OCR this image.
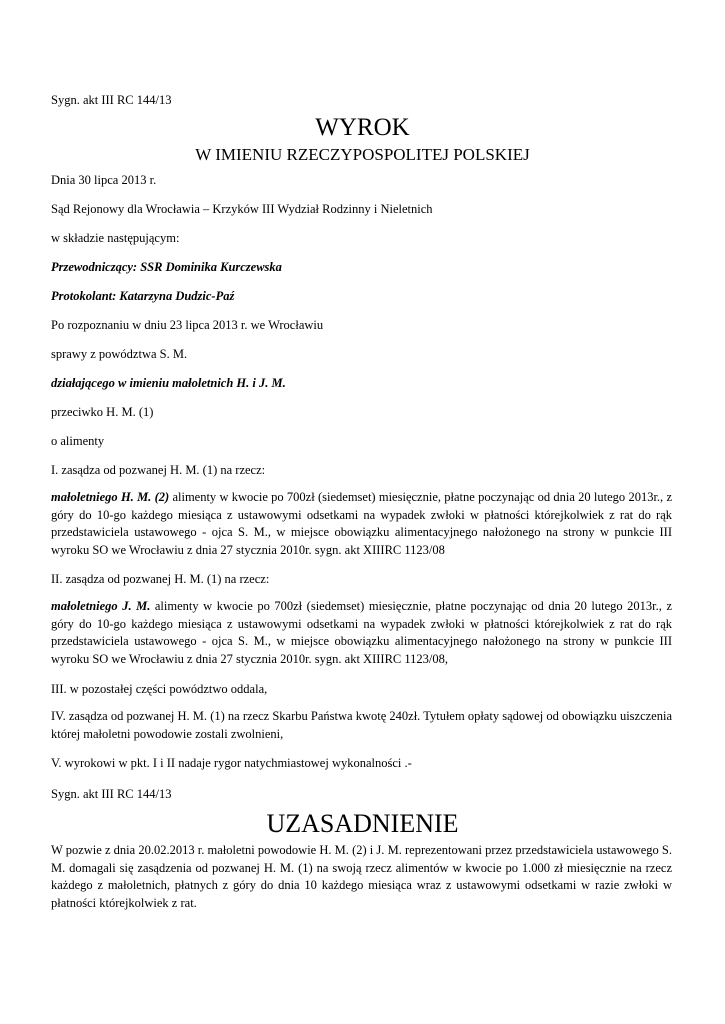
Sygn. akt III RC 144/13
WYROK
W IMIENIU RZECZYPOSPOLITEJ POLSKIEJ
Dnia 30 lipca 2013 r.
Sąd Rejonowy dla Wrocławia – Krzyków III Wydział Rodzinny i Nieletnich
w składzie następującym:
Przewodniczący: SSR Dominika Kurczewska
Protokolant: Katarzyna Dudzic-Paź
Po rozpoznaniu w dniu 23 lipca 2013 r. we Wrocławiu
sprawy z powództwa S. M.
działającego w imieniu małoletnich H. i J. M.
przeciwko H. M. (1)
o alimenty
I. zasądza od pozwanej H. M. (1) na rzecz:
małoletniego H. M. (2) alimenty w kwocie po 700zł (siedemset) miesięcznie, płatne poczynając od dnia 20 lutego 2013r., z góry do 10-go każdego miesiąca z ustawowymi odsetkami na wypadek zwłoki w płatności którejkolwiek z rat do rąk przedstawiciela ustawowego - ojca S. M., w miejsce obowiązku alimentacyjnego nałożonego na strony w punkcie III wyroku SO we Wrocławiu z dnia 27 stycznia 2010r. sygn. akt XIIIRC 1123/08
II. zasądza od pozwanej H. M. (1) na rzecz:
małoletniego J. M. alimenty w kwocie po 700zł (siedemset) miesięcznie, płatne poczynając od dnia 20 lutego 2013r., z góry do 10-go każdego miesiąca z ustawowymi odsetkami na wypadek zwłoki w płatności którejkolwiek z rat do rąk przedstawiciela ustawowego - ojca S. M., w miejsce obowiązku alimentacyjnego nałożonego na strony w punkcie III wyroku SO we Wrocławiu z dnia 27 stycznia 2010r. sygn. akt XIIIRC 1123/08,
III. w pozostałej części powództwo oddala,
IV. zasądza od pozwanej H. M. (1) na rzecz Skarbu Państwa kwotę 240zł. Tytułem opłaty sądowej od obowiązku uiszczenia której małoletni powodowie zostali zwolnieni,
V. wyrokowi w pkt. I i II nadaje rygor natychmiastowej wykonalności .-
Sygn. akt III RC 144/13
UZASADNIENIE
W pozwie z dnia 20.02.2013 r. małoletni powodowie H. M. (2) i J. M. reprezentowani przez przedstawiciela ustawowego S. M. domagali się zasądzenia od pozwanej H. M. (1) na swoją rzecz alimentów w kwocie po 1.000 zł miesięcznie na rzecz każdego z małoletnich, płatnych z góry do dnia 10 każdego miesiąca wraz z ustawowymi odsetkami w razie zwłoki w płatności którejkolwiek z rat.
